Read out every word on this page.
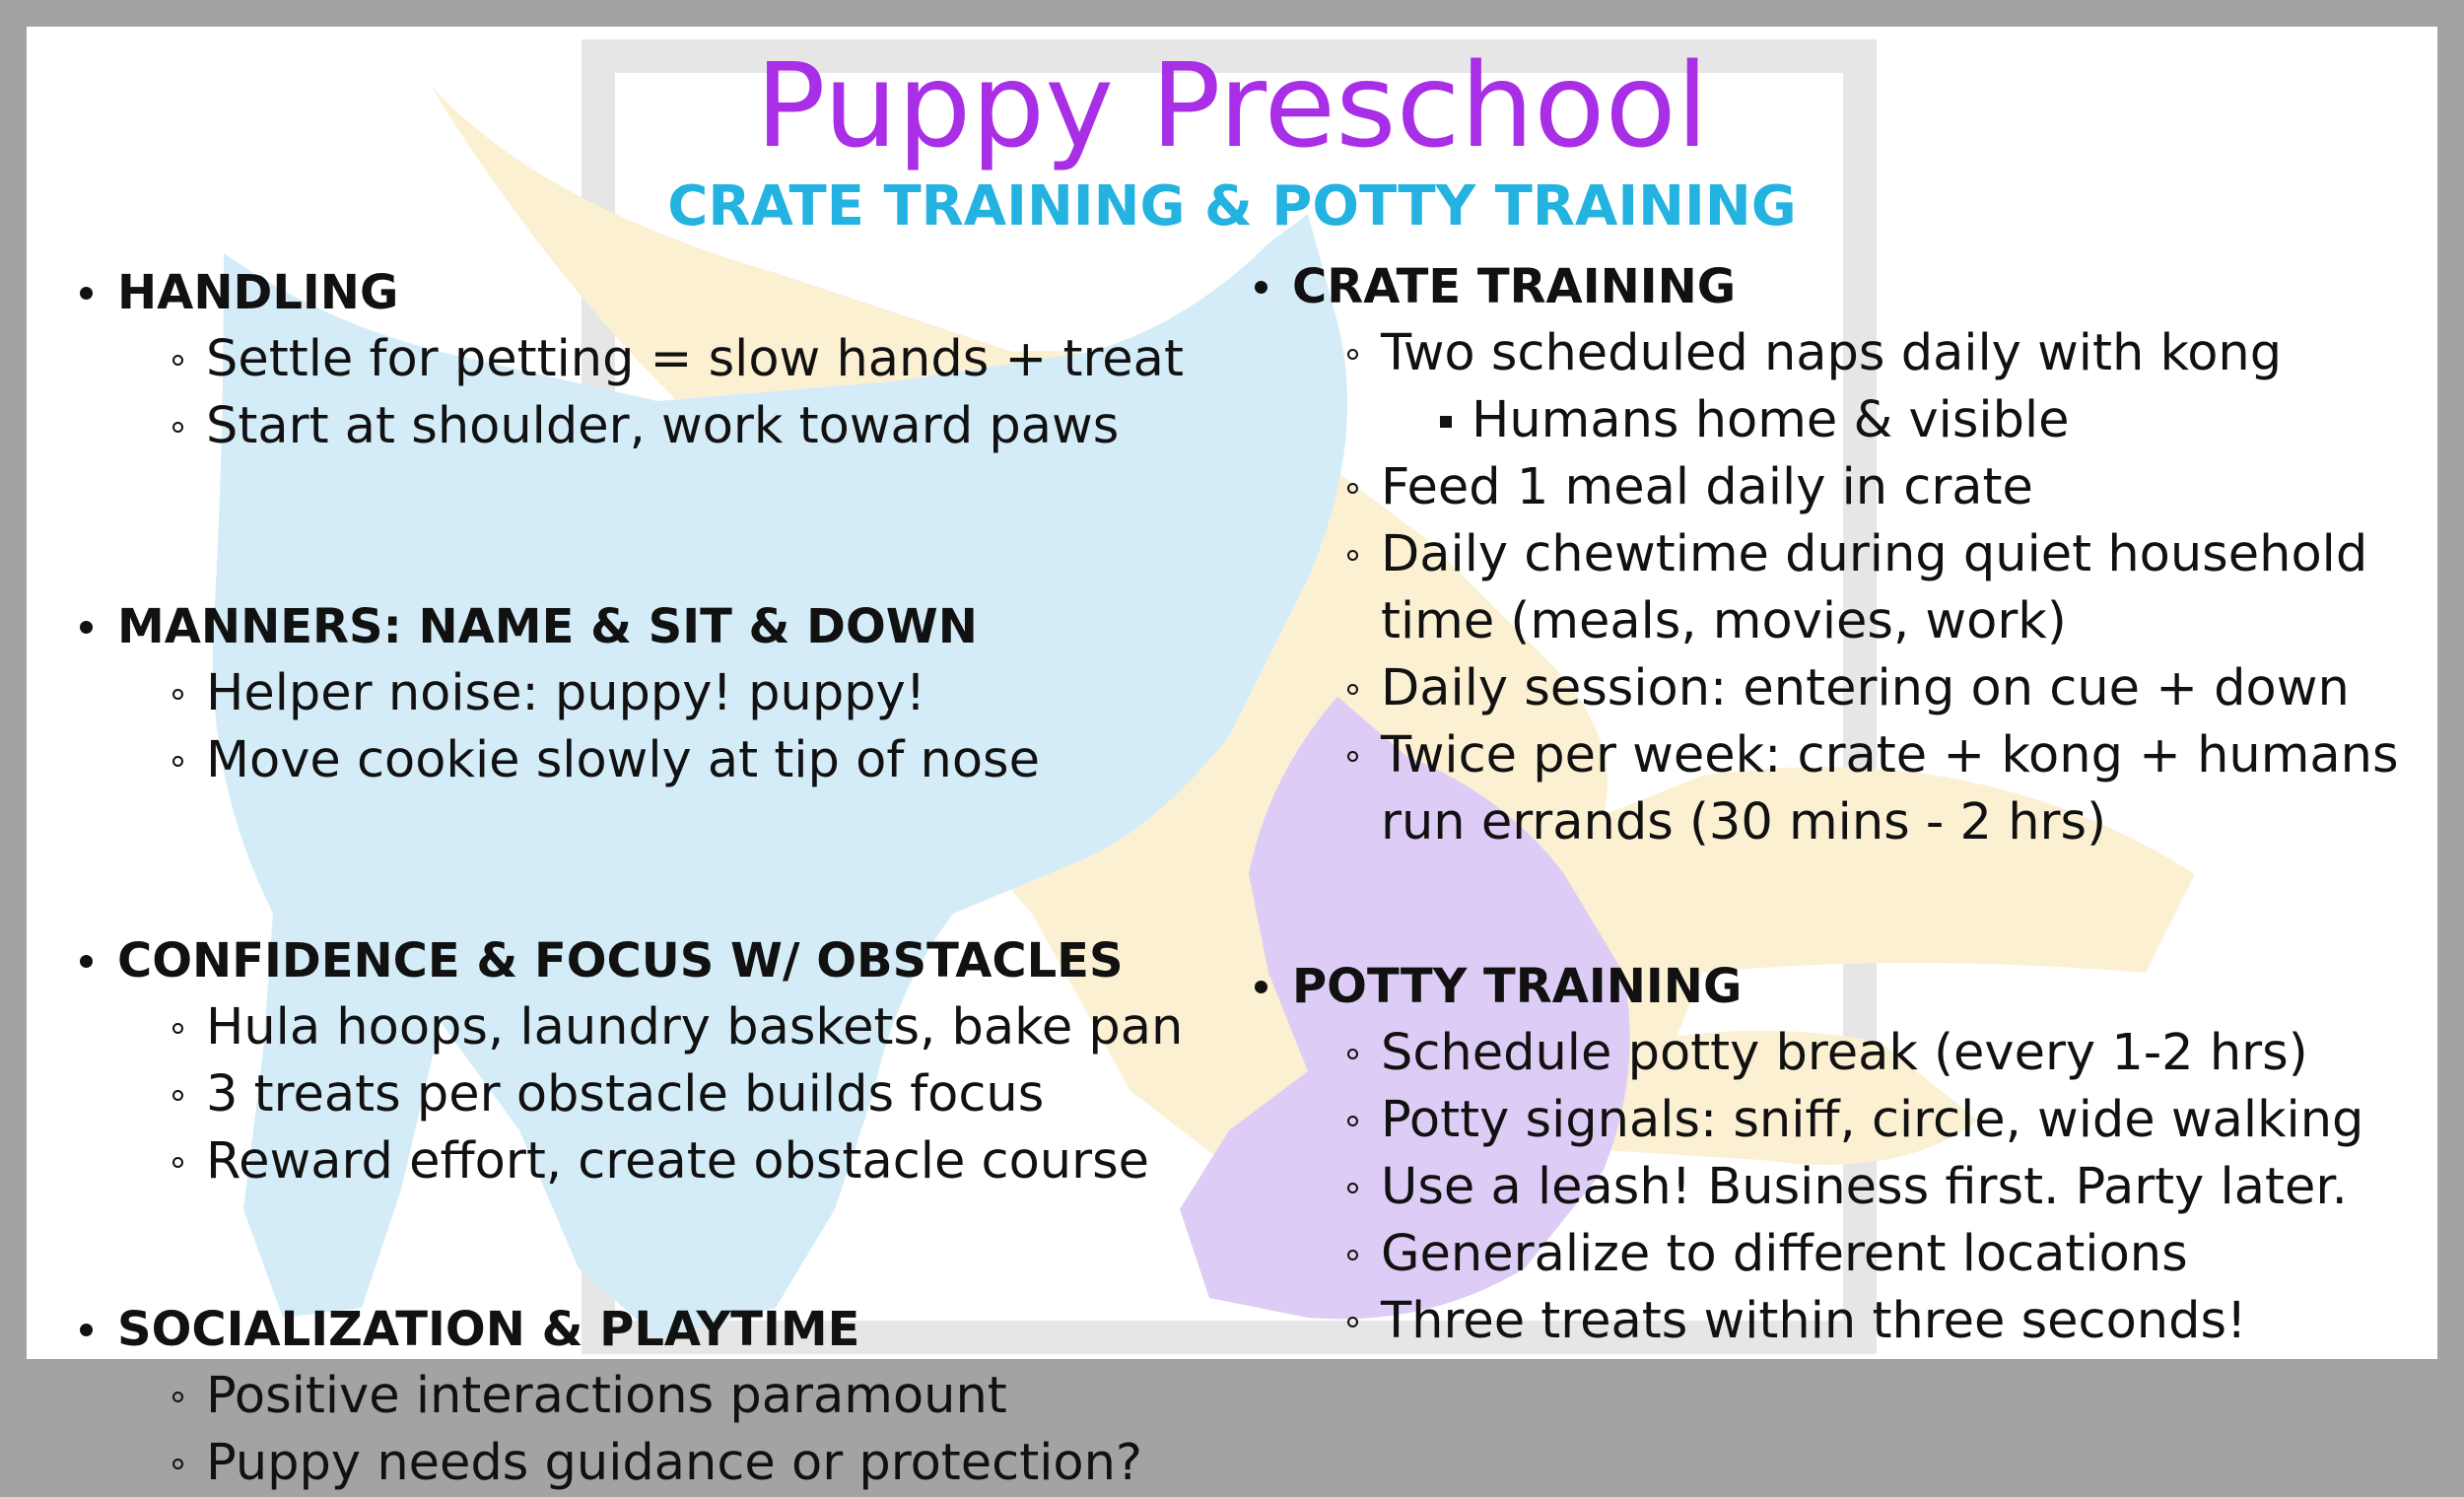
Puppy Preschool
CRATE TRAINING & POTTY TRAINING
HANDLING
Settle for petting = slow hands + treat
Start at shoulder, work toward paws
MANNERS: NAME & SIT & DOWN
Helper noise: puppy! puppy!
Move cookie slowly at tip of nose
CONFIDENCE & FOCUS W/ OBSTACLES
Hula hoops, laundry baskets, bake pan
3 treats per obstacle builds focus
Reward effort, create obstacle course
SOCIALIZATION & PLAYTIME
Positive interactions paramount
Puppy needs guidance or protection?
CRATE TRAINING
Two scheduled naps daily with kong
Humans home & visible
Feed 1 meal daily in crate
Daily chewtime during quiet household time (meals, movies, work)
Daily session: entering on cue + down
Twice per week: crate + kong + humans run errands (30 mins - 2 hrs)
POTTY TRAINING
Schedule potty break (every 1-2 hrs)
Potty signals: sniff, circle, wide walking
Use a leash! Business first. Party later.
Generalize to different locations
Three treats within three seconds!
